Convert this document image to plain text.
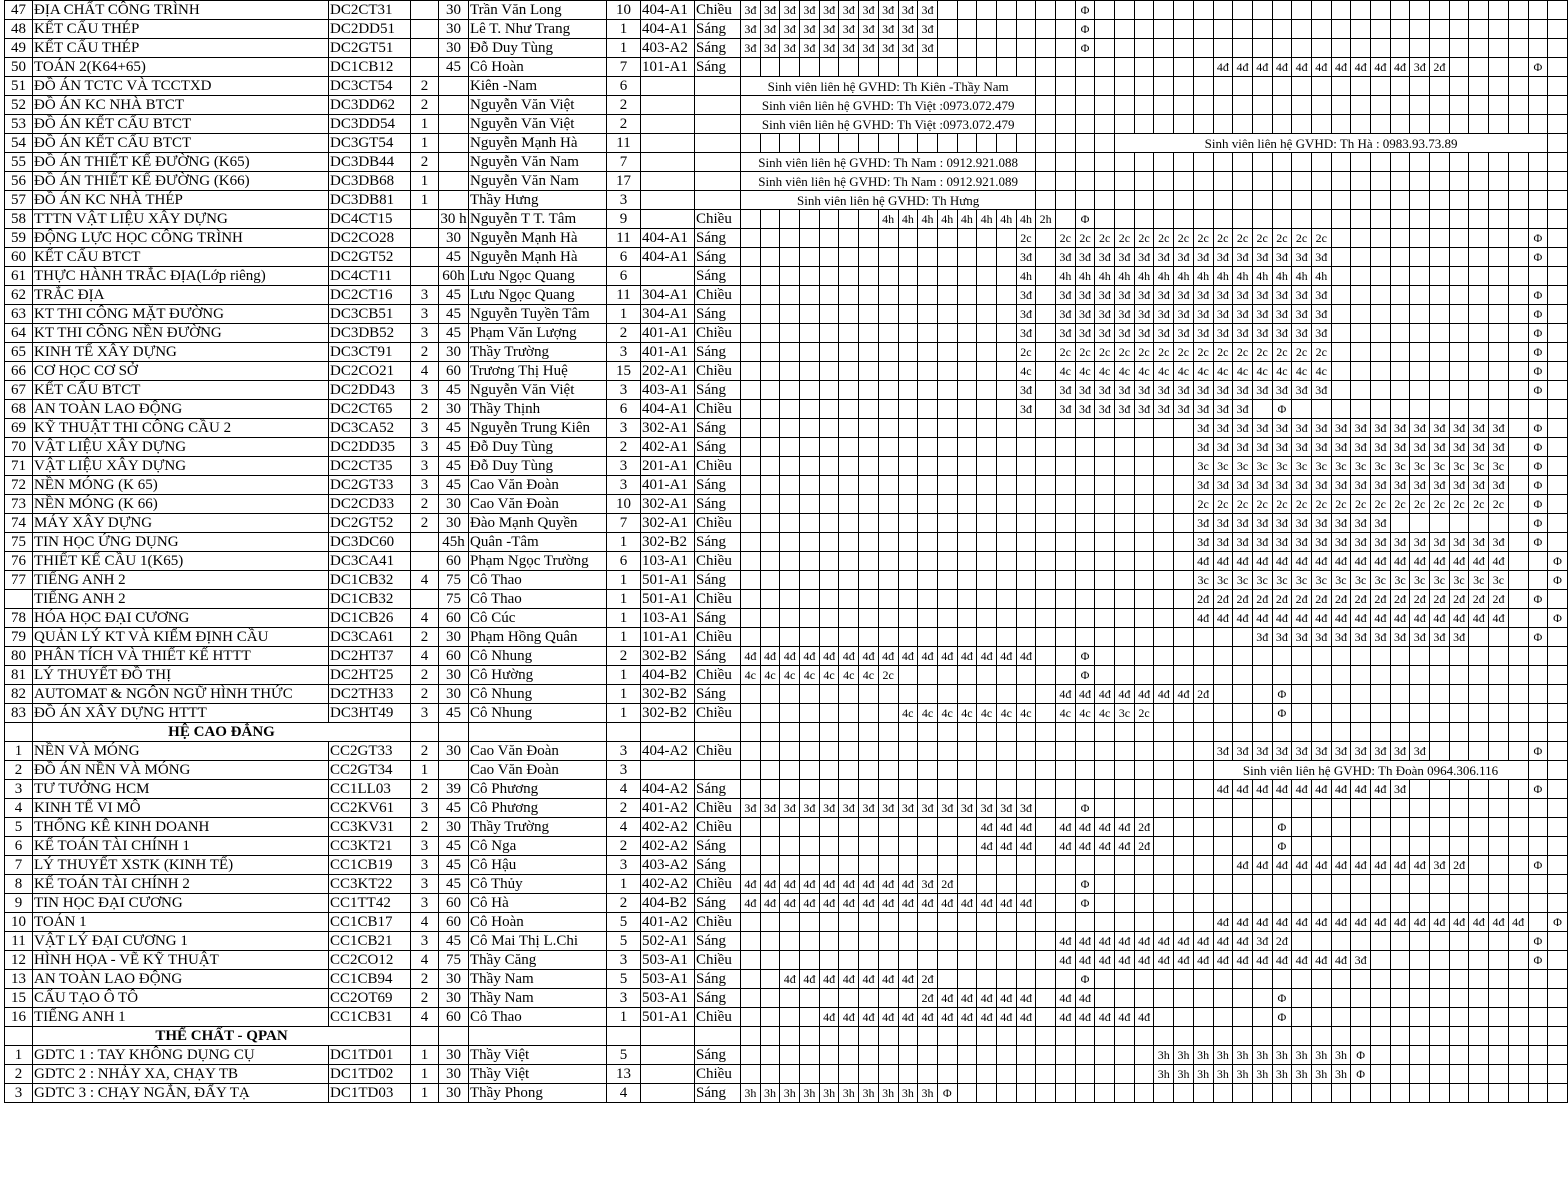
47	ĐỊA CHẤT CÔNG TRÌNH	DC2CT31		30	Trần Văn Long	10	404-A1	Chiều	3đ	3đ	3đ	3đ	3đ	3đ	3đ	3đ	3đ	3đ								Φ																								
48	KẾT CẤU THÉP	DC2DD51		30	Lê T. Như Trang	1	404-A1	Sáng	3đ	3đ	3đ	3đ	3đ	3đ	3đ	3đ	3đ	3đ								Φ																								
49	KẾT CẤU THÉP	DC2GT51		30	Đỗ Duy Tùng	1	403-A2	Sáng	3đ	3đ	3đ	3đ	3đ	3đ	3đ	3đ	3đ	3đ								Φ																								
50	TOÁN 2(K64+65)	DC1CB12		45	Cô Hoàn	7	101-A1	Sáng																									4đ	4đ	4đ	4đ	4đ	4đ	4đ	4đ	4đ	4đ	3đ	2đ					Φ	
51	ĐỒ ÁN TCTC VÀ TCCTXD	DC3CT54	2		Kiên -Nam	6			Sinh viên liên hệ GVHD: Th Kiên -Thầy Nam																																									
52	ĐỒ ÁN KC NHÀ BTCT	DC3DD62	2		Nguyễn Văn Việt	2			Sinh viên liên hệ GVHD: Th Việt :0973.072.479																																									
53	ĐỒ ÁN KẾT CẤU BTCT	DC3DD54	1		Nguyễn Văn Việt	2			Sinh viên liên hệ GVHD: Th Việt :0973.072.479																																									
54	ĐỒ ÁN KẾT CẤU BTCT	DC3GT54	1		Nguyễn Mạnh Hà	11																						Sinh viên liên hệ GVHD: Th Hà : 0983.93.73.89																						
55	ĐỒ ÁN THIẾT KẾ ĐƯỜNG (K65)	DC3DB44	2		Nguyễn Văn Nam	7			Sinh viên liên hệ GVHD: Th Nam : 0912.921.088																																									
56	ĐỒ ÁN THIẾT KẾ ĐƯỜNG (K66)	DC3DB68	1		Nguyễn Văn Nam	17			Sinh viên liên hệ GVHD: Th Nam : 0912.921.089																																									
57	ĐỒ ÁN KC NHÀ THÉP	DC3DB81	1		Thầy Hưng	3			Sinh viên liên hệ GVHD: Th Hưng																																									
58	TTTN VẬT LIỆU XÂY DỰNG	DC4CT15		30 h	Nguyễn T T. Tâm	9		Chiều								4h	4h	4h	4h	4h	4h	4h	4h	2h		Φ																								
59	ĐỘNG LỰC HỌC CÔNG TRÌNH	DC2CO28		30	Nguyễn Mạnh Hà	11	404-A1	Sáng															2c		2c	2c	2c	2c	2c	2c	2c	2c	2c	2c	2c	2c	2c	2c											Φ	
60	KẾT CẤU BTCT	DC2GT52		45	Nguyễn Mạnh Hà	6	404-A1	Sáng															3đ		3đ	3đ	3đ	3đ	3đ	3đ	3đ	3đ	3đ	3đ	3đ	3đ	3đ	3đ											Φ	
61	THỰC HÀNH TRẮC ĐỊA(Lớp riêng)	DC4CT11		60h	Lưu Ngọc Quang	6		Sáng															4h		4h	4h	4h	4h	4h	4h	4h	4h	4h	4h	4h	4h	4h	4h												
62	TRẮC ĐỊA	DC2CT16	3	45	Lưu Ngọc Quang	11	304-A1	Chiều															3đ		3đ	3đ	3đ	3đ	3đ	3đ	3đ	3đ	3đ	3đ	3đ	3đ	3đ	3đ											Φ	
63	KT THI CÔNG MẶT ĐƯỜNG	DC3CB51	3	45	Nguyễn Tuyền Tâm	1	304-A1	Sáng															3đ		3đ	3đ	3đ	3đ	3đ	3đ	3đ	3đ	3đ	3đ	3đ	3đ	3đ	3đ											Φ	
64	KT THI CÔNG NỀN ĐƯỜNG	DC3DB52	3	45	Phạm Văn Lượng	2	401-A1	Chiều															3đ		3đ	3đ	3đ	3đ	3đ	3đ	3đ	3đ	3đ	3đ	3đ	3đ	3đ	3đ											Φ	
65	KINH TẾ XÂY DỰNG	DC3CT91	2	30	Thầy Trường	3	401-A1	Sáng															2c		2c	2c	2c	2c	2c	2c	2c	2c	2c	2c	2c	2c	2c	2c											Φ	
66	CƠ HỌC CƠ SỞ	DC2CO21	4	60	Trương Thị Huệ	15	202-A1	Chiều															4c		4c	4c	4c	4c	4c	4c	4c	4c	4c	4c	4c	4c	4c	4c											Φ	
67	KẾT CẤU BTCT	DC2DD43	3	45	Nguyễn Văn Việt	3	403-A1	Sáng															3đ		3đ	3đ	3đ	3đ	3đ	3đ	3đ	3đ	3đ	3đ	3đ	3đ	3đ	3đ											Φ	
68	AN TOÀN LAO ĐỘNG	DC2CT65	2	30	Thầy Thịnh	6	404-A1	Chiều															3đ		3đ	3đ	3đ	3đ	3đ	3đ	3đ	3đ	3đ	3đ		Φ														
69	KỸ THUẬT THI CÔNG CẦU 2	DC3CA52	3	45	Nguyễn Trung Kiên	3	302-A1	Sáng																								3đ	3đ	3đ	3đ	3đ	3đ	3đ	3đ	3đ	3đ	3đ	3đ	3đ	3đ	3đ	3đ		Φ	
70	VẬT LIỆU XÂY DỰNG	DC2DD35	3	45	Đỗ Duy Tùng	2	402-A1	Sáng																								3đ	3đ	3đ	3đ	3đ	3đ	3đ	3đ	3đ	3đ	3đ	3đ	3đ	3đ	3đ	3đ		Φ	
71	VẬT LIỆU XÂY DỰNG	DC2CT35	3	45	Đỗ Duy Tùng	3	201-A1	Chiều																								3c	3c	3c	3c	3c	3c	3c	3c	3c	3c	3c	3c	3c	3c	3c	3c		Φ	
72	NỀN MÓNG (K 65)	DC2GT33	3	45	Cao Văn Đoàn	3	401-A1	Sáng																								3đ	3đ	3đ	3đ	3đ	3đ	3đ	3đ	3đ	3đ	3đ	3đ	3đ	3đ	3đ	3đ		Φ	
73	NỀN MÓNG (K 66)	DC2CD33	2	30	Cao Văn Đoàn	10	302-A1	Sáng																								2c	2c	2c	2c	2c	2c	2c	2c	2c	2c	2c	2c	2c	2c	2c	2c		Φ	
74	MÁY XÂY DỰNG	DC2GT52	2	30	Đào Mạnh Quyền	7	302-A1	Chiều																								3đ	3đ	3đ	3đ	3đ	3đ	3đ	3đ	3đ	3đ								Φ	
75	TIN HỌC ỨNG DỤNG	DC3DC60		45h	Quân -Tâm	1	302-B2	Sáng																								3đ	3đ	3đ	3đ	3đ	3đ	3đ	3đ	3đ	3đ	3đ	3đ	3đ	3đ	3đ	3đ		Φ	
76	THIẾT KẾ CẦU 1(K65)	DC3CA41		60	Phạm Ngọc Trường	6	103-A1	Chiều																								4đ	4đ	4đ	4đ	4đ	4đ	4đ	4đ	4đ	4đ	4đ	4đ	4đ	4đ	4đ	4đ			Φ
77	TIẾNG ANH 2	DC1CB32	4	75	Cô Thao	1	501-A1	Sáng																								3c	3c	3c	3c	3c	3c	3c	3c	3c	3c	3c	3c	3c	3c	3c	3c			Φ
	TIẾNG ANH 2	DC1CB32		75	Cô Thao	1	501-A1	Chiều																								2đ	2đ	2đ	2đ	2đ	2đ	2đ	2đ	2đ	2đ	2đ	2đ	2đ	2đ	2đ	2đ		Φ	
78	HÓA HỌC ĐẠI CƯƠNG	DC1CB26	4	60	Cô Cúc	1	103-A1	Sáng																								4đ	4đ	4đ	4đ	4đ	4đ	4đ	4đ	4đ	4đ	4đ	4đ	4đ	4đ	4đ	4đ			Φ
79	QUẢN LÝ KT VÀ KIỂM ĐỊNH CẦU	DC3CA61	2	30	Phạm Hồng Quân	1	101-A1	Chiều																											3đ	3đ	3đ	3đ	3đ	3đ	3đ	3đ	3đ	3đ	3đ				Φ	
80	PHÂN TÍCH VÀ THIẾT KẾ HTTT	DC2HT37	4	60	Cô Nhung	2	302-B2	Sáng	4đ	4đ	4đ	4đ	4đ	4đ	4đ	4đ	4đ	4đ	4đ	4đ	4đ	4đ	4đ			Φ																								
81	LÝ THUYẾT ĐỒ THỊ	DC2HT25	2	30	Cô Hường	1	404-B2	Chiều	4c	4c	4c	4c	4c	4c	4c	2c										Φ																								
82	AUTOMAT & NGÔN NGỮ HÌNH THỨC	DC2TH33	2	30	Cô Nhung	1	302-B2	Sáng																	4đ	4đ	4đ	4đ	4đ	4đ	4đ	2đ				Φ														
83	ĐỒ ÁN XÂY DỰNG HTTT	DC3HT49	3	45	Cô Nhung	1	302-B2	Chiều									4c	4c	4c	4c	4c	4c	4c		4c	4c	4c	3c	2c							Φ														
	HỆ CAO ĐẲNG																																																	
1	NỀN VÀ MÓNG	CC2GT33	2	30	Cao Văn Đoàn	3	404-A2	Chiều																									3đ	3đ	3đ	3đ	3đ	3đ	3đ	3đ	3đ	3đ	3đ						Φ	
2	ĐỒ ÁN NỀN VÀ MÓNG	CC2GT34	1		Cao Văn Đoàn	3																											Sinh viên liên hệ GVHD: Th Đoàn 0964.306.116																	
3	TƯ TƯỞNG HCM	CC1LL03	2	39	Cô Phương	4	404-A2	Sáng																									4đ	4đ	4đ	4đ	4đ	4đ	4đ	4đ	4đ	3đ							Φ	
4	KINH TẾ VI MÔ	CC2KV61	3	45	Cô Phương	2	401-A2	Chiều	3đ	3đ	3đ	3đ	3đ	3đ	3đ	3đ	3đ	3đ	3đ	3đ	3đ	3đ	3đ			Φ																								
5	THỐNG KÊ KINH DOANH	CC3KV31	2	30	Thầy Trường	4	402-A2	Chiều													4đ	4đ	4đ		4đ	4đ	4đ	4đ	2đ							Φ														
6	KẾ TOÁN TÀI CHÍNH 1	CC3KT21	3	45	Cô Nga	2	402-A2	Sáng													4đ	4đ	4đ		4đ	4đ	4đ	4đ	2đ							Φ														
7	LÝ THUYẾT XSTK (KINH TẾ)	CC1CB19	3	45	Cô Hậu	3	403-A2	Sáng																										4đ	4đ	4đ	4đ	4đ	4đ	4đ	4đ	4đ	4đ	3đ	2đ				Φ	
8	KẾ TOÁN TÀI CHÍNH 2	CC3KT22	3	45	Cô Thủy	1	402-A2	Chiều	4đ	4đ	4đ	4đ	4đ	4đ	4đ	4đ	4đ	3đ	2đ							Φ																								
9	TIN HỌC ĐẠI CƯƠNG	CC1TT42	3	60	Cô Hà	2	404-B2	Sáng	4đ	4đ	4đ	4đ	4đ	4đ	4đ	4đ	4đ	4đ	4đ	4đ	4đ	4đ	4đ			Φ																								
10	TOÁN 1	CC1CB17	4	60	Cô Hoàn	5	401-A2	Chiều																									4đ	4đ	4đ	4đ	4đ	4đ	4đ	4đ	4đ	4đ	4đ	4đ	4đ	4đ	4đ	4đ		Φ
11	VẬT LÝ ĐẠI CƯƠNG 1	CC1CB21	3	45	Cô Mai Thị L.Chi	5	502-A1	Sáng																	4đ	4đ	4đ	4đ	4đ	4đ	4đ	4đ	4đ	4đ	3đ	2đ													Φ	
12	HÌNH HỌA - VẼ KỸ THUẬT	CC2CO12	4	75	Thầy Căng	3	503-A1	Chiều																	4đ	4đ	4đ	4đ	4đ	4đ	4đ	4đ	4đ	4đ	4đ	4đ	4đ	4đ	4đ	3đ									Φ	
13	AN TOÀN LAO ĐỘNG	CC1CB94	2	30	Thầy Nam	5	503-A1	Sáng			4đ	4đ	4đ	4đ	4đ	4đ	4đ	2đ								Φ																								
15	CẤU TẠO Ô TÔ	CC2OT69	2	30	Thầy Nam	3	503-A1	Sáng										2đ	4đ	4đ	4đ	4đ	4đ		4đ	4đ										Φ														
16	TIẾNG ANH 1	CC1CB31	4	60	Cô Thao	1	501-A1	Chiều					4đ	4đ	4đ	4đ	4đ	4đ	4đ	4đ	4đ	4đ	4đ		4đ	4đ	4đ	4đ	4đ							Φ														
	THỂ CHẤT - QPAN																																																	
1	GDTC 1 : TAY KHÔNG DỤNG CỤ	DC1TD01	1	30	Thầy Việt	5		Sáng																						3h	3h	3h	3h	3h	3h	3h	3h	3h	3h	Φ										
2	GDTC 2 : NHẢY XA, CHẠY TB	DC1TD02	1	30	Thầy Việt	13		Chiều																						3h	3h	3h	3h	3h	3h	3h	3h	3h	3h	Φ										
3	GDTC 3 : CHẠY NGẮN, ĐẨY TẠ	DC1TD03	1	30	Thầy Phong	4		Sáng	3h	3h	3h	3h	3h	3h	3h	3h	3h	3h	Φ																															
